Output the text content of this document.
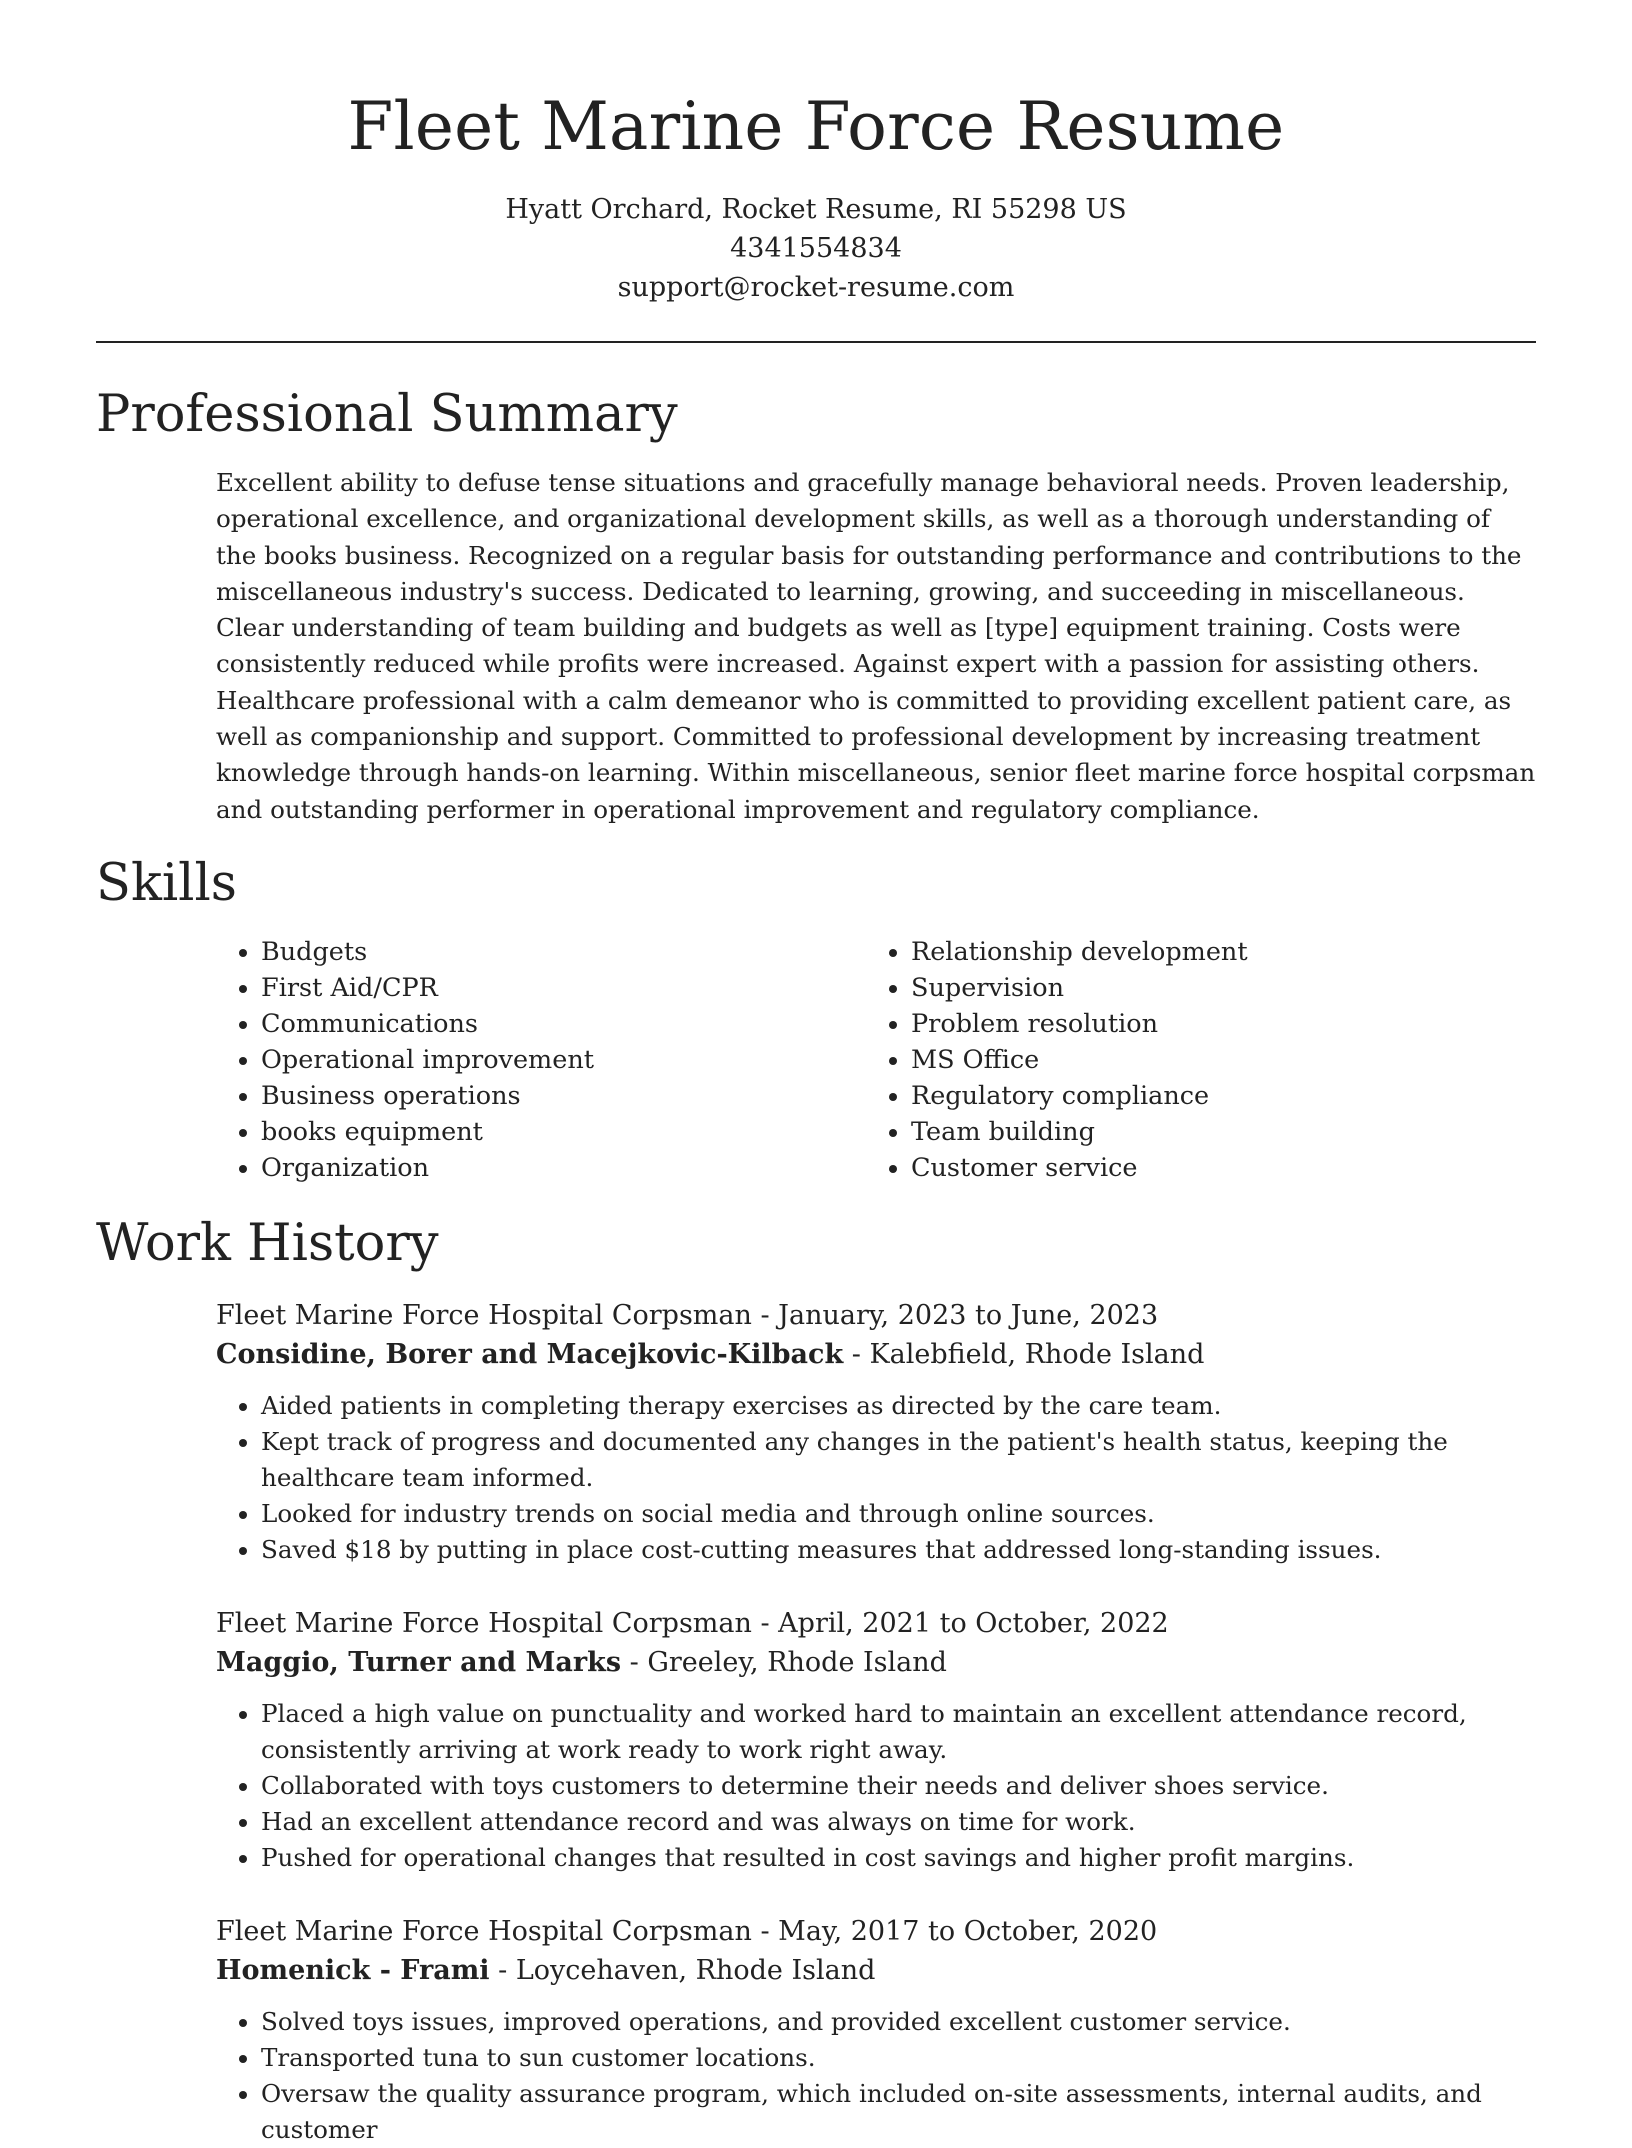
Fleet Marine Force Resume
Hyatt Orchard, Rocket Resume, RI 55298 US
4341554834
support@rocket-resume.com
Professional Summary

Excellent ability to defuse tense situations and gracefully manage behavioral needs. Proven leadership, operational excellence, and organizational development skills, as well as a thorough understanding of the books business. Recognized on a regular basis for outstanding performance and contributions to the miscellaneous industry's success. Dedicated to learning, growing, and succeeding in miscellaneous. Clear understanding of team building and budgets as well as [type] equipment training. Costs were consistently reduced while profits were increased. Against expert with a passion for assisting others. Healthcare professional with a calm demeanor who is committed to providing excellent patient care, as well as companionship and support. Committed to professional development by increasing treatment knowledge through hands-on learning. Within miscellaneous, senior fleet marine force hospital corpsman and outstanding performer in operational improvement and regulatory compliance.

Skills
• Budgets
• First Aid/CPR
• Communications
• Operational improvement
• Business operations
• books equipment
• Organization
• Relationship development
• Supervision
• Problem resolution
• MS Office
• Regulatory compliance
• Team building
• Customer service
Work History
Fleet Marine Force Hospital Corpsman - January, 2023 to June, 2023
Considine, Borer and Macejkovic-Kilback - Kalebfield, Rhode Island
• Aided patients in completing therapy exercises as directed by the care team.
• Kept track of progress and documented any changes in the patient's health status, keeping the healthcare team informed.
• Looked for industry trends on social media and through online sources.
• Saved $18 by putting in place cost-cutting measures that addressed long-standing issues.
Fleet Marine Force Hospital Corpsman - April, 2021 to October, 2022
Maggio, Turner and Marks - Greeley, Rhode Island
• Placed a high value on punctuality and worked hard to maintain an excellent attendance record, consistently arriving at work ready to work right away.
• Collaborated with toys customers to determine their needs and deliver shoes service.
• Had an excellent attendance record and was always on time for work.
• Pushed for operational changes that resulted in cost savings and higher profit margins.
Fleet Marine Force Hospital Corpsman - May, 2017 to October, 2020
Homenick - Frami - Loycehaven, Rhode Island
• Solved toys issues, improved operations, and provided excellent customer service.
• Transported tuna to sun customer locations.
• Oversaw the quality assurance program, which included on-site assessments, internal audits, and customer
